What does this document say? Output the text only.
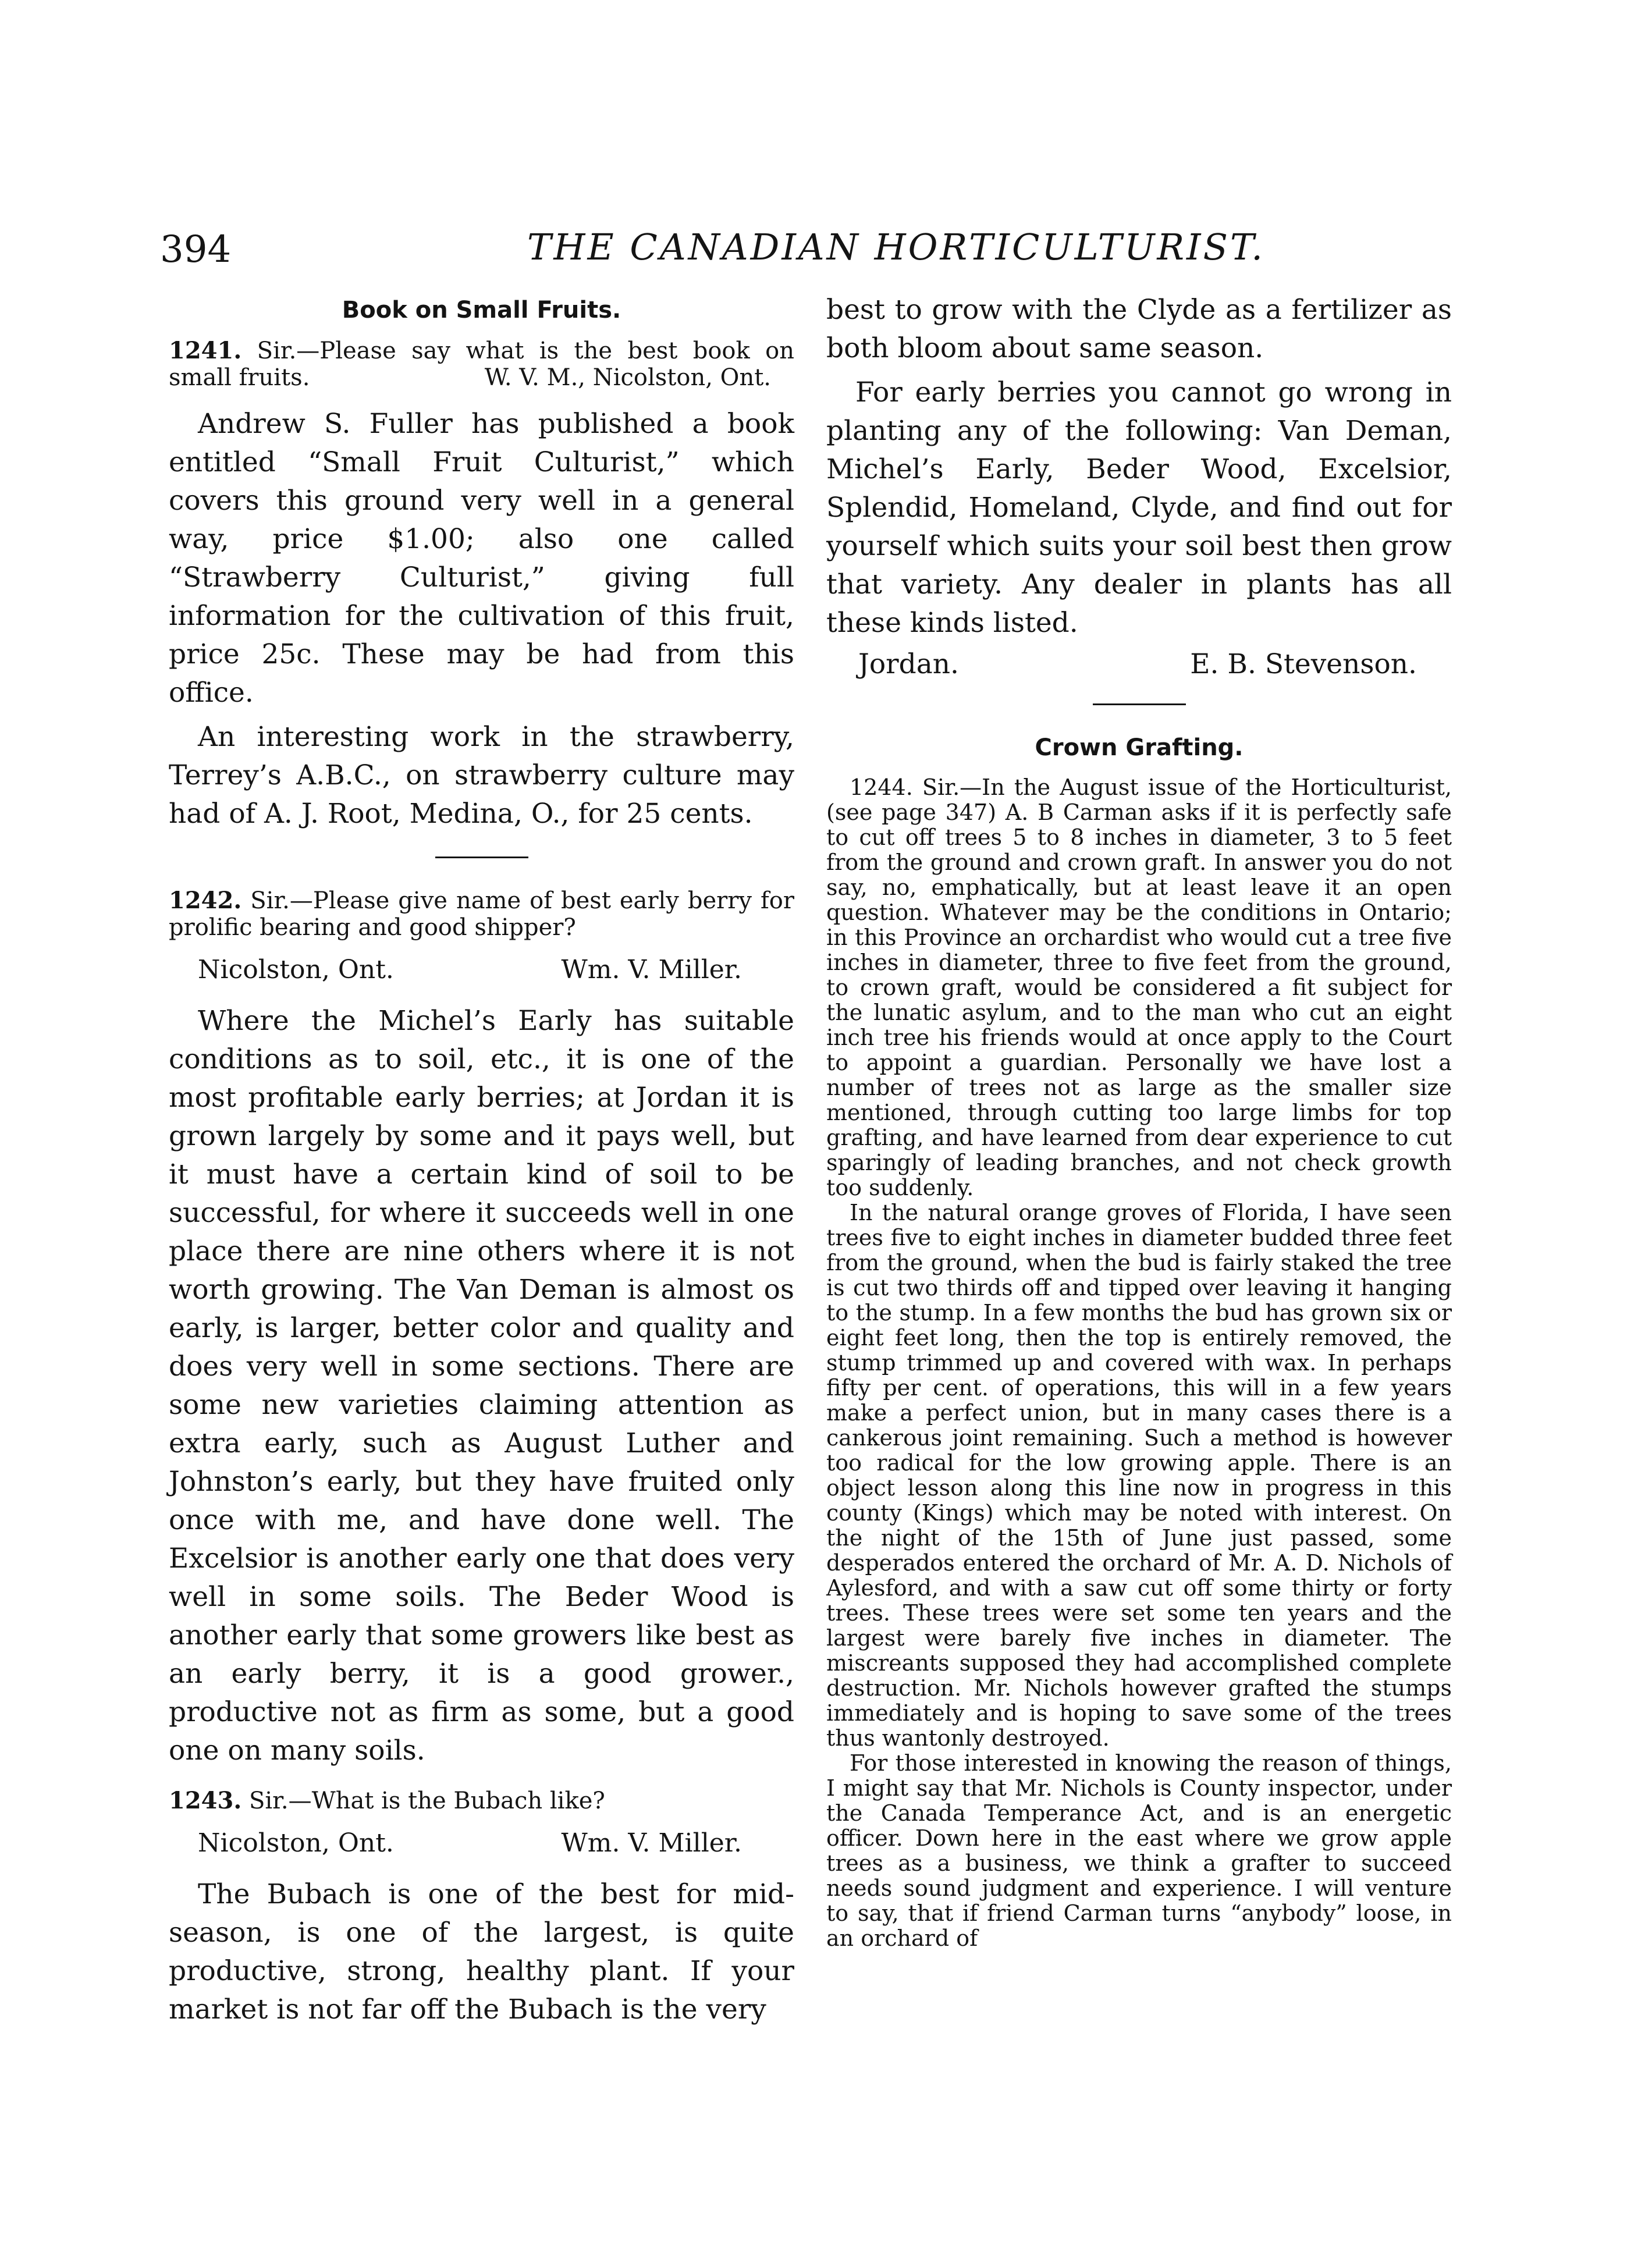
394	THE CANADIAN HORTICULTURIST.
Book on Small Fruits.

1241. Sir.—Please say what is the best book on small fruits.	W. V. M., Nicolston, Ont.

Andrew S. Fuller has published a book entitled “Small Fruit Culturist,” which covers this ground very well in a general way, price $1.00; also one called “Strawberry Culturist,” giving full information for the cultivation of this fruit, price 25c. These may be had from this office.

An interesting work in the strawberry, Terrey’s A.B.C., on strawberry culture may had of A. J. Root, Medina, O., for 25 cents.

1242. Sir.—Please give name of best early berry for prolific bearing and good shipper?

Nicolston, Ont.	Wm. V. Miller.

Where the Michel’s Early has suitable conditions as to soil, etc., it is one of the most profitable early berries; at Jordan it is grown largely by some and it pays well, but it must have a certain kind of soil to be successful, for where it succeeds well in one place there are nine others where it is not worth growing. The Van Deman is almost os early, is larger, better color and quality and does very well in some sections. There are some new varieties claiming attention as extra early, such as August Luther and Johnston’s early, but they have fruited only once with me, and have done well. The Excelsior is another early one that does very well in some soils. The Beder Wood is another early that some growers like best as an early berry, it is a good grower., productive not as firm as some, but a good one on many soils.

1243. Sir.—What is the Bubach like?

Nicolston, Ont.	Wm. V. Miller.

The Bubach is one of the best for mid-season, is one of the largest, is quite productive, strong, healthy plant. If your market is not far off the Bubach is the very

best to grow with the Clyde as a fertilizer as both bloom about same season.

For early berries you cannot go wrong in planting any of the following: Van Deman, Michel’s Early, Beder Wood, Excelsior, Splendid, Homeland, Clyde, and find out for yourself which suits your soil best then grow that variety. Any dealer in plants has all these kinds listed.

Jordan.	E. B. Stevenson.
Crown Grafting.

1244. Sir.—In the August issue of the Horticulturist, (see page 347) A. B Carman asks if it is perfectly safe to cut off trees 5 to 8 inches in diameter, 3 to 5 feet from the ground and crown graft. In answer you do not say, no, emphatically, but at least leave it an open question. Whatever may be the conditions in Ontario; in this Province an orchardist who would cut a tree five inches in diameter, three to five feet from the ground, to crown graft, would be considered a fit subject for the lunatic asylum, and to the man who cut an eight inch tree his friends would at once apply to the Court to appoint a guardian. Personally we have lost a number of trees not as large as the smaller size mentioned, through cutting too large limbs for top grafting, and have learned from dear experience to cut sparingly of leading branches, and not check growth too suddenly.

In the natural orange groves of Florida, I have seen trees five to eight inches in diameter budded three feet from the ground, when the bud is fairly staked the tree is cut two thirds off and tipped over leaving it hanging to the stump. In a few months the bud has grown six or eight feet long, then the top is entirely removed, the stump trimmed up and covered with wax. In perhaps fifty per cent. of operations, this will in a few years make a perfect union, but in many cases there is a cankerous joint remaining. Such a method is however too radical for the low growing apple. There is an object lesson along this line now in progress in this county (Kings) which may be noted with interest. On the night of the 15th of June just passed, some desperados entered the orchard of Mr. A. D. Nichols of Aylesford, and with a saw cut off some thirty or forty trees. These trees were set some ten years and the largest were barely five inches in diameter. The miscreants supposed they had accomplished complete destruction. Mr. Nichols however grafted the stumps immediately and is hoping to save some of the trees thus wantonly destroyed.

For those interested in knowing the reason of things, I might say that Mr. Nichols is County inspector, under the Canada Temperance Act, and is an energetic officer. Down here in the east where we grow apple trees as a business, we think a grafter to succeed needs sound judgment and experience. I will venture to say, that if friend Carman turns “anybody” loose, in an orchard of
